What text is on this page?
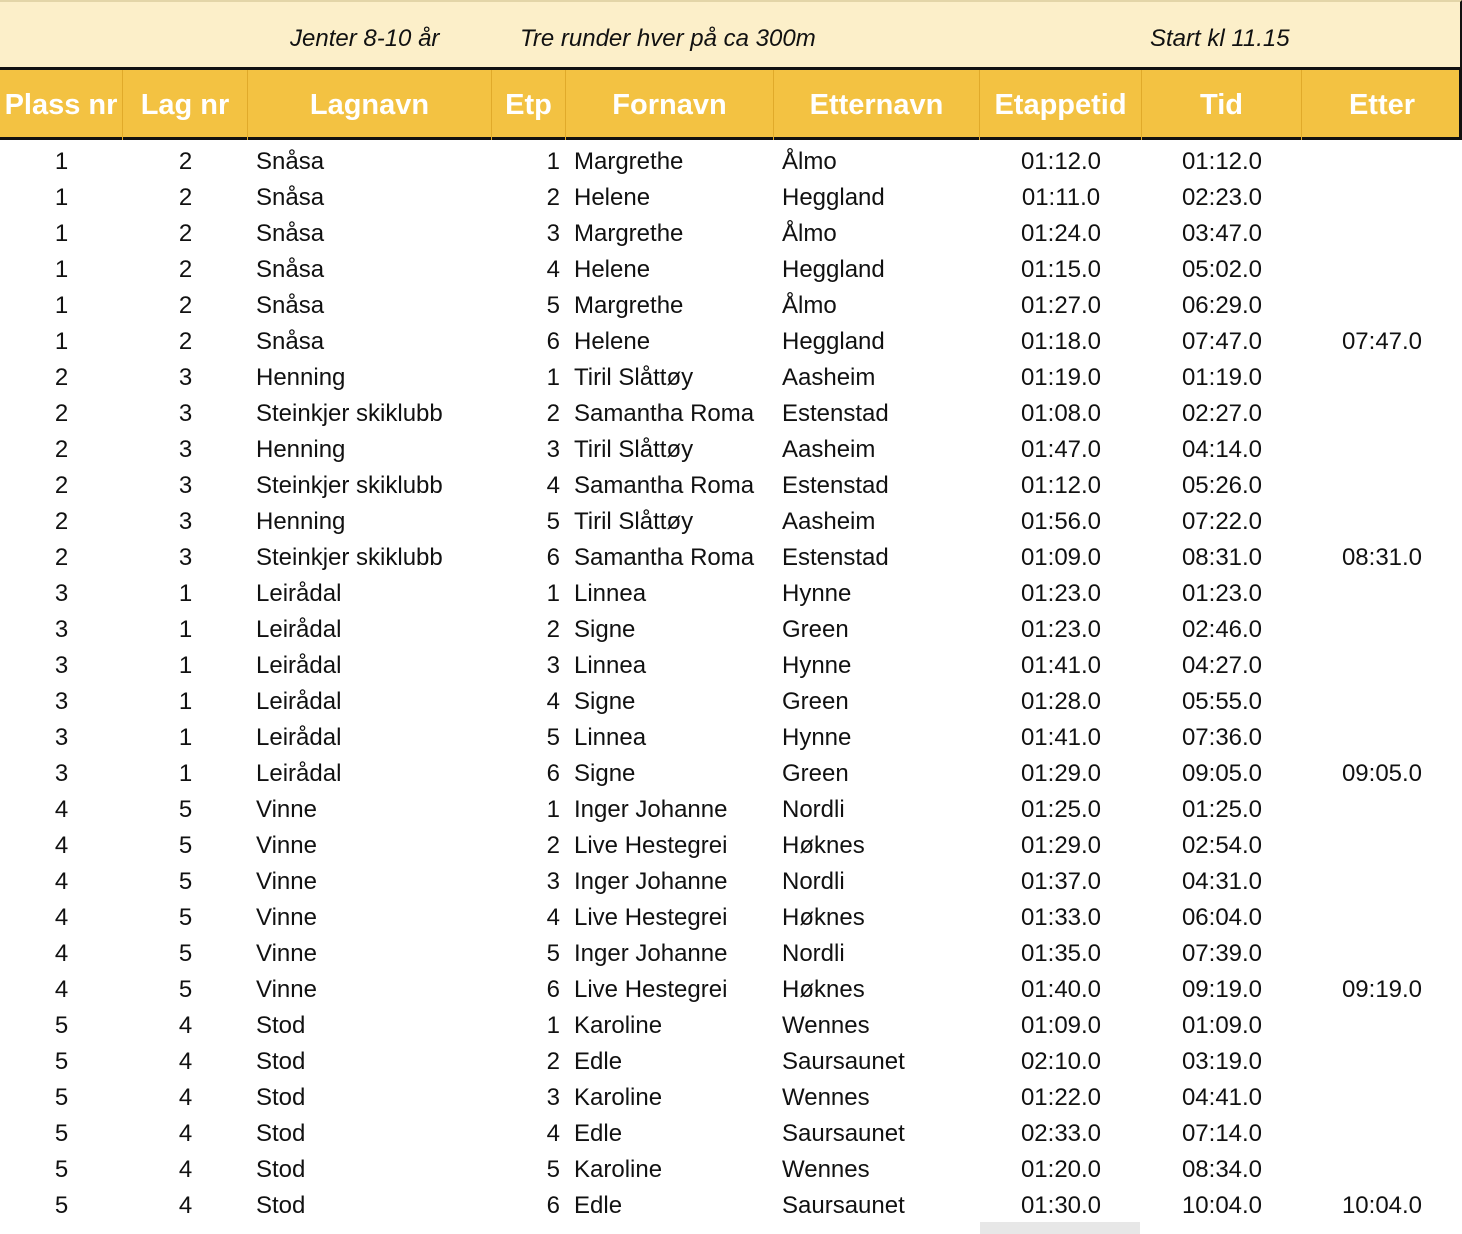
Jenter 8-10 år	Tre runder hver på ca 300m	Start kl 11.15
Plass nr Lag nr	Lagnavn	Etp	Fornavn	Etternavn	Etappetid	Tid	Etter
1	2	Snåsa	1 Margrethe	Ålmo	01:12.0	01:12.0
1	2	Snåsa	2 Helene	Heggland	01:11.0	02:23.0
1	2	Snåsa	3 Margrethe	Ålmo	01:24.0	03:47.0
1	2	Snåsa	4 Helene	Heggland	01:15.0	05:02.0
1	2	Snåsa	5 Margrethe	Ålmo	01:27.0	06:29.0
1	2	Snåsa	6 Helene	Heggland	01:18.0	07:47.0	07:47.0
2	3	Henning	1 Tiril Slåttøy	Aasheim	01:19.0	01:19.0
2	3	Steinkjer skiklubb	2 Samantha Roma	Estenstad	01:08.0	02:27.0
2	3	Henning	3 Tiril Slåttøy	Aasheim	01:47.0	04:14.0
2	3	Steinkjer skiklubb	4 Samantha Roma	Estenstad	01:12.0	05:26.0
2	3	Henning	5 Tiril Slåttøy	Aasheim	01:56.0	07:22.0
2	3	Steinkjer skiklubb	6 Samantha Roma	Estenstad	01:09.0	08:31.0	08:31.0
3	1	Leirådal	1 Linnea	Hynne	01:23.0	01:23.0
3	1	Leirådal	2 Signe	Green	01:23.0	02:46.0
3	1	Leirådal	3 Linnea	Hynne	01:41.0	04:27.0
3	1	Leirådal	4 Signe	Green	01:28.0	05:55.0
3	1	Leirådal	5 Linnea	Hynne	01:41.0	07:36.0
3	1	Leirådal	6 Signe	Green	01:29.0	09:05.0	09:05.0
4	5	Vinne	1 Inger Johanne	Nordli	01:25.0	01:25.0
4	5	Vinne	2 Live Hestegrei	Høknes	01:29.0	02:54.0
4	5	Vinne	3 Inger Johanne	Nordli	01:37.0	04:31.0
4	5	Vinne	4 Live Hestegrei	Høknes	01:33.0	06:04.0
4	5	Vinne	5 Inger Johanne	Nordli	01:35.0	07:39.0
4	5	Vinne	6 Live Hestegrei	Høknes	01:40.0	09:19.0	09:19.0
5	4	Stod	1 Karoline	Wennes	01:09.0	01:09.0
5	4	Stod	2 Edle	Saursaunet	02:10.0	03:19.0
5	4	Stod	3 Karoline	Wennes	01:22.0	04:41.0
5	4	Stod	4 Edle	Saursaunet	02:33.0	07:14.0
5	4	Stod	5 Karoline	Wennes	01:20.0	08:34.0
5	4	Stod	6 Edle	Saursaunet	01:30.0	10:04.0	10:04.0
